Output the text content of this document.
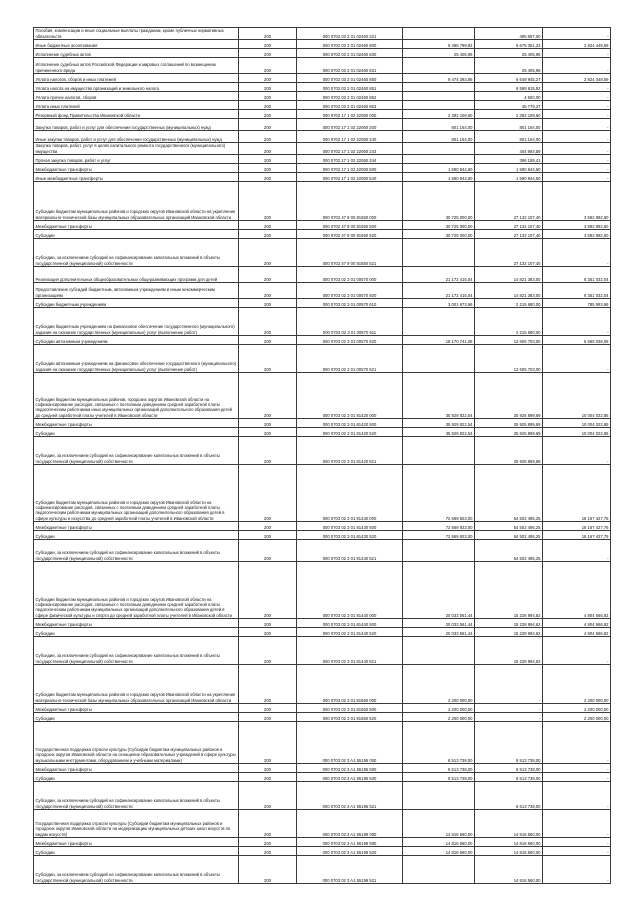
Пособия, компенсации и иные социальные выплаты гражданам, кроме публичных нормативных обязательств	200	000 0702 03 2 01 02460 321		485 697,00	-
Иные бюджетные ассигнования	200	000 0702 03 2 01 02460 800	9 498 799,82	6 675 351,23	2 824 448,59
Исполнение судебных актов	200	000 0702 03 2 01 02460 830	25 405,96	25 405,96	-
Исполнение судебных актов Российской Федерации и мировых соглашений по возмещению причиненного вреда	200	000 0702 03 2 01 02460 831		25 405,96	-
Уплата налогов, сборов и иных платежей	200	000 0702 03 2 01 02460 850	9 474 393,86	6 649 945,27	2 824 448,59
Уплата налога на имущество организаций и земельного налога	200	000 0702 03 2 01 02460 851		6 599 615,92	-
Уплата прочих налогов, сборов	200	000 0702 03 2 01 02460 852		4 550,00	-
Уплата иных платежей	200	000 0702 03 2 01 02460 853		45 779,37	-
Резервный фонд Правительства Ивановской области	200	000 0702 17 1 02 22060 000	2 392 108,60	2 392 108,60	-
Закупка товаров, работ и услуг для обеспечения государственных (муниципальных) нужд	200	000 0702 17 1 02 22060 200	801 164,00	801 164,00	-
Иные закупки товаров, работ и услуг для обеспечения государственных (муниципальных) нужд	200	000 0702 17 1 02 22060 240	801 164,00	801 164,00	-
Закупка товаров, работ, услуг в целях капитального ремонта государственного (муниципального) имущества	200	000 0702 17 1 02 22060 243		404 984,59	-
Прочая закупка товаров, работ и услуг	200	000 0702 17 1 02 22060 244		396 189,41	-
Межбюджетные трансферты	200	000 0702 17 1 02 22060 500	1 590 944,60	1 590 944,60	-
Иные межбюджетные трансферты	200	000 0702 17 1 02 22060 540	1 590 944,60	1 590 944,60	-
Субсидии бюджетам муниципальных районов и городских округов Ивановской области на укрепление материально-технической базы муниципальных образовательных организаций Ивановской области	200	000 0702 47 9 00 81650 000	30 725 000,00	27 132 107,40	3 592 892,60
Межбюджетные трансферты	200	000 0702 47 9 00 81650 500	30 725 000,00	27 132 107,40	3 592 892,60
Субсидии	200	000 0702 47 9 00 81650 520	30 725 000,00	27 132 107,40	3 592 892,60
Субсидии, за исключением субсидий на софинансирование капитальных вложений в объекты государственной (муниципальной) собственности	200	000 0702 47 9 00 81650 521		27 132 107,40	-
Реализация дополнительных общеобразовательных общеразвивающих программ для детей	200	000 0703 02 3 01 00570 000	21 172 415,04	14 821 383,00	6 351 032,04
Предоставление субсидий бюджетным, автономным учреждениям и иным некоммерческим организациям	200	000 0703 02 3 01 00570 600	21 172 415,04	14 821 383,00	6 351 032,04
Субсидии бюджетным учреждениям	200	000 0703 02 3 01 00570 610	3 001 673,96	2 215 680,00	785 993,96
Субсидии бюджетным учреждениям на финансовое обеспечение государственного (муниципального) задания на оказание государственных (муниципальных) услуг (выполнение работ)	200	000 0703 02 3 01 00570 611		2 215 680,00	-
Субсидии автономным учреждениям	200	000 0703 02 3 01 00570 620	18 170 741,08	12 605 703,00	5 565 038,08
Субсидии автономным учреждениям на финансовое обеспечение государственного (муниципального) задания на оказание государственных (муниципальных) услуг (выполнение работ)	200	000 0703 02 3 01 00570 621		12 605 703,00	-
Субсидии бюджетам муниципальных районов, городских округов Ивановской области на софинансирование расходов, связанных с поэтапным доведением средней заработной платы педагогическим работникам иных муниципальных организаций дополнительного образования детей до средней заработной платы учителей в Ивановской области	200	000 0703 02 3 01 81420 000	35 929 822,54	25 925 899,69	10 004 022,85
Межбюджетные трансферты	200	000 0703 02 3 01 81420 500	35 929 822,54	25 925 899,69	10 004 022,85
Субсидии	200	000 0703 02 3 01 81420 520	35 929 822,54	25 925 899,69	10 004 022,85
Субсидии, за исключением субсидий на софинансирование капитальных вложений в объекты государственной (муниципальной) собственности	200	000 0703 02 3 01 81420 521		25 925 899,69	-
Субсидии бюджетам муниципальных районов и городских округов Ивановской области на софинансирование расходов, связанных с поэтапным доведением средней заработной платы педагогическим работникам муниципальных организаций дополнительного образования детей в сфере культуры и искусства до средней заработной платы учителей в Ивановской области	200	000 0703 02 3 01 81430 000	72 669 923,00	54 502 495,25	18 167 427,75
Межбюджетные трансферты	200	000 0703 02 3 01 81430 500	72 669 923,00	54 502 495,25	18 167 427,75
Субсидии	200	000 0703 02 3 01 81430 520	72 669 923,00	54 502 495,25	18 167 427,75
Субсидии, за исключением субсидий на софинансирование капитальных вложений в объекты государственной (муниципальной) собственности	200	000 0703 02 3 01 81430 521		54 502 495,25	-
Субсидии бюджетам муниципальных районов и городских округов Ивановской области на софинансирование расходов, связанных с поэтапным доведением средней заработной платы педагогическим работникам муниципальных организаций дополнительного образования детей в сфере физической культуры и спорта до средней заработной платы учителей в Ивановской области	200	000 0703 02 3 01 81440 000	20 033 561,44	15 228 994,62	4 804 566,82
Межбюджетные трансферты	200	000 0703 02 3 01 81440 500	20 033 561,44	15 228 994,62	4 804 566,82
Субсидии	200	000 0703 02 3 01 81440 520	20 033 561,44	15 228 994,62	4 804 566,82
Субсидии, за исключением субсидий на софинансирование капитальных вложений в объекты государственной (муниципальной) собственности	200	000 0703 02 3 01 81440 521		15 228 994,62	-
Субсидии бюджетам муниципальных районов и городских округов Ивановской области на укрепление материально-технической базы муниципальных образовательных организаций Ивановской области	200	000 0703 02 3 01 81650 000	2 200 000,00	-	2 200 000,00
Межбюджетные трансферты	200	000 0703 02 3 01 81650 500	2 200 000,00	-	2 200 000,00
Субсидии	200	000 0703 02 3 01 81650 520	2 200 000,00	-	2 200 000,00
Государственная поддержка отрасли культуры (Субсидии бюджетам муниципальных районов и городских округов Ивановской области на оснащение образовательных учреждений в сфере культуры музыкальными инструментами, оборудованием и учебными материалами)	200	000 0703 02 3 A1 55195 000	8 513 738,00	8 513 738,00	-
Межбюджетные трансферты	200	000 0703 02 3 A1 55195 500	8 513 738,00	8 513 738,00	-
Субсидии	200	000 0703 02 3 A1 55195 520	8 513 738,00	8 513 738,00	-
Субсидии, за исключением субсидий на софинансирование капитальных вложений в объекты государственной (муниципальной) собственности	200	000 0703 02 3 A1 55195 521		8 513 738,00	-
Государственная поддержка отрасли культуры (Субсидии бюджетам муниципальных районов и городских округов Ивановской области на модернизацию муниципальных детских школ искусств по видам искусств)	200	000 0703 02 3 A1 55199 000	14 816 560,00	14 816 560,00	-
Межбюджетные трансферты	200	000 0703 02 3 A1 55199 500	14 816 560,00	14 816 560,00	-
Субсидии	200	000 0703 02 3 A1 55199 520	14 816 560,00	14 816 560,00	-
Субсидии, за исключением субсидий на софинансирование капитальных вложений в объекты государственной (муниципальной) собственности	200	000 0703 02 3 A1 55199 521		14 816 560,00	-
